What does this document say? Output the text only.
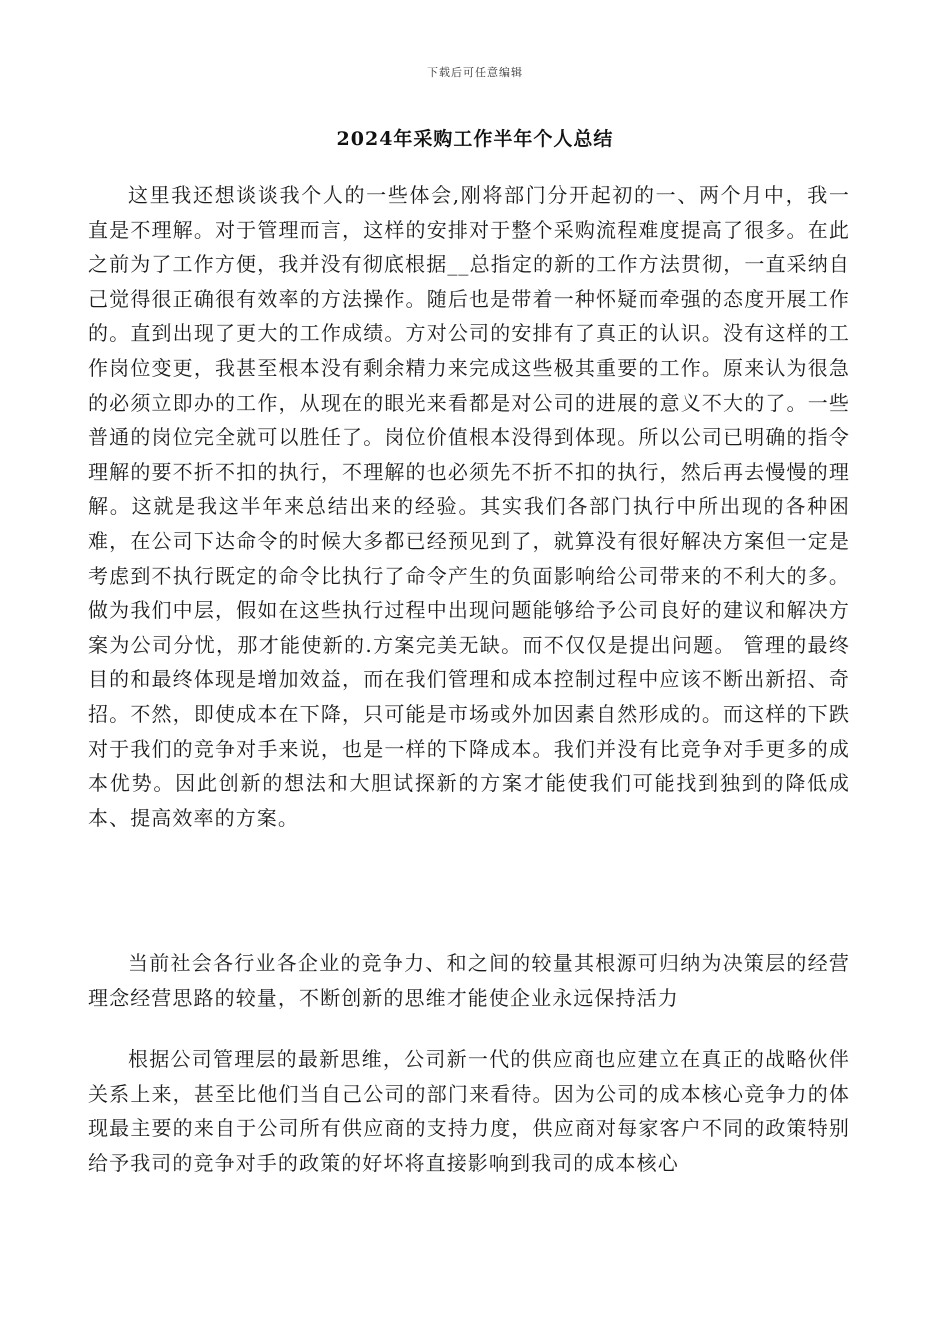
下载后可任意编辑
2024年采购工作半年个人总结

这里我还想谈谈我个人的一些体会,刚将部门分开起初的一、两个月中，我一直是不理解。对于管理而言，这样的安排对于整个采购流程难度提高了很多。在此之前为了工作方便，我并没有彻底根据__总指定的新的工作方法贯彻，一直采纳自己觉得很正确很有效率的方法操作。随后也是带着一种怀疑而牵强的态度开展工作的。直到出现了更大的工作成绩。方对公司的安排有了真正的认识。没有这样的工作岗位变更，我甚至根本没有剩余精力来完成这些极其重要的工作。原来认为很急的必须立即办的工作，从现在的眼光来看都是对公司的进展的意义不大的了。一些普通的岗位完全就可以胜任了。岗位价值根本没得到体现。所以公司已明确的指令理解的要不折不扣的执行，不理解的也必须先不折不扣的执行，然后再去慢慢的理解。这就是我这半年来总结出来的经验。其实我们各部门执行中所出现的各种困难，在公司下达命令的时候大多都已经预见到了，就算没有很好解决方案但一定是考虑到不执行既定的命令比执行了命令产生的负面影响给公司带来的不利大的多。做为我们中层，假如在这些执行过程中出现问题能够给予公司良好的建议和解决方案为公司分忧，那才能使新的.方案完美无缺。而不仅仅是提出问题。 管理的最终目的和最终体现是增加效益，而在我们管理和成本控制过程中应该不断出新招、奇招。不然，即使成本在下降，只可能是市场或外加因素自然形成的。而这样的下跌对于我们的竞争对手来说，也是一样的下降成本。我们并没有比竞争对手更多的成本优势。因此创新的想法和大胆试探新的方案才能使我们可能找到独到的降低成本、提高效率的方案。

当前社会各行业各企业的竞争力、和之间的较量其根源可归纳为决策层的经营理念经营思路的较量，不断创新的思维才能使企业永远保持活力

根据公司管理层的最新思维，公司新一代的供应商也应建立在真正的战略伙伴关系上来，甚至比他们当自己公司的部门来看待。因为公司的成本核心竞争力的体现最主要的来自于公司所有供应商的支持力度，供应商对每家客户不同的政策特别给予我司的竞争对手的政策的好坏将直接影响到我司的成本核心
